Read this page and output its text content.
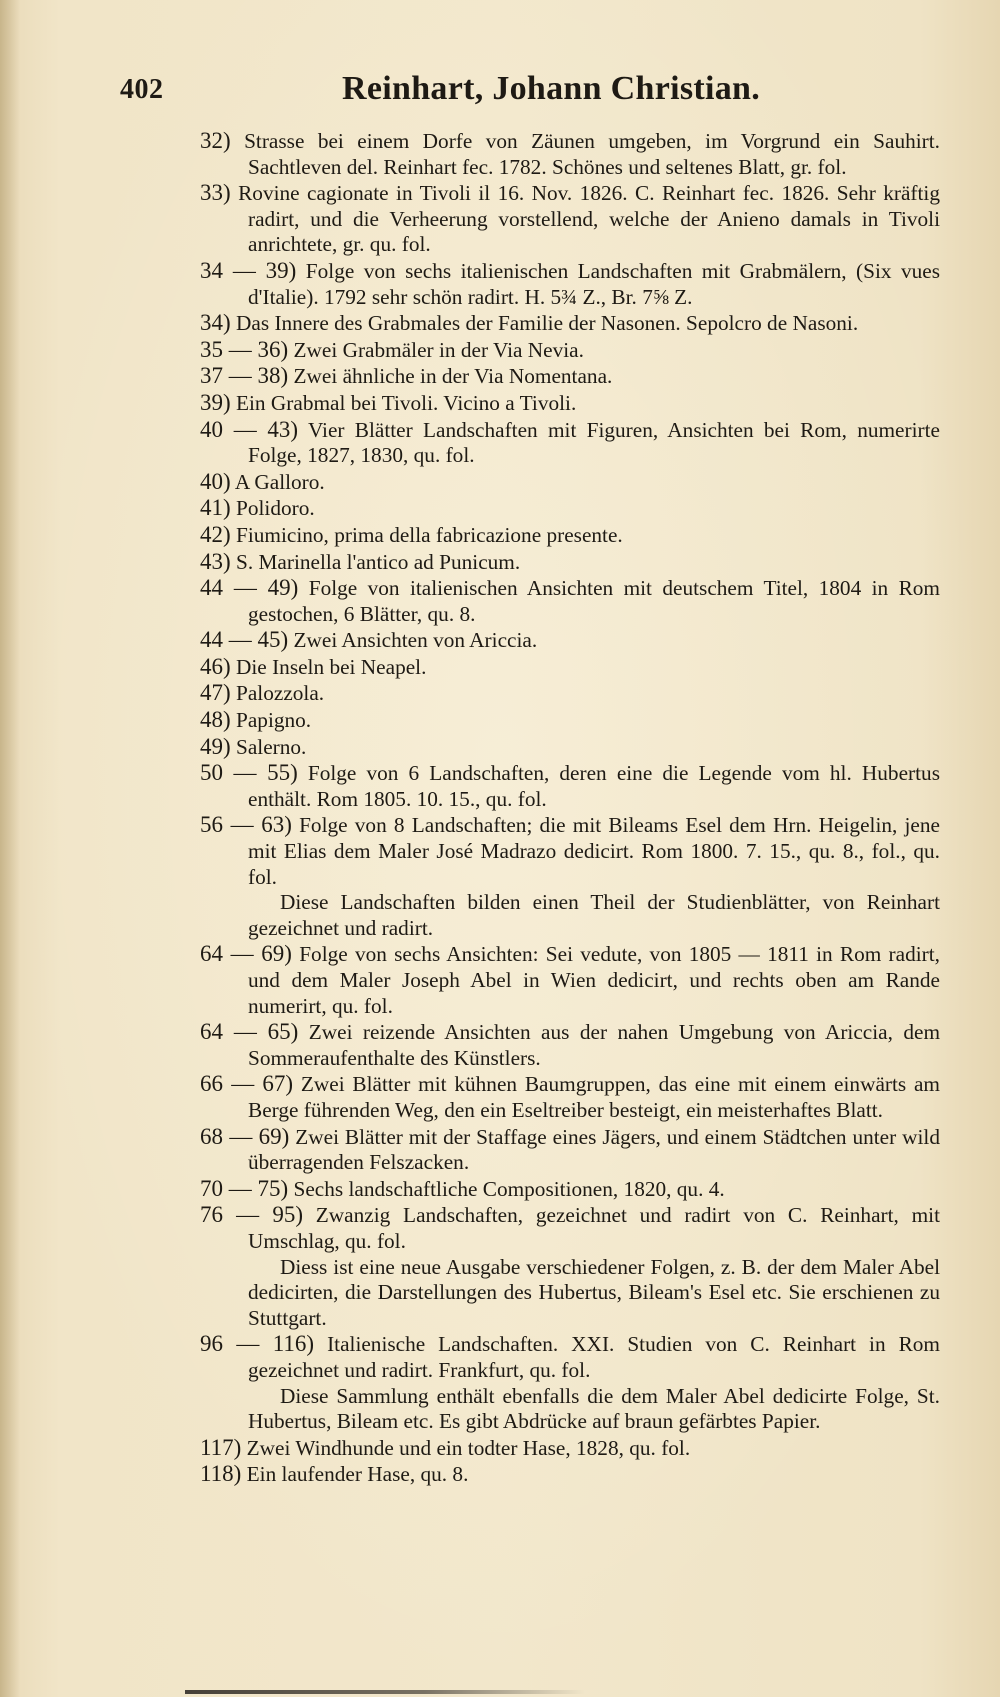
402	Reinhart, Johann Christian.
32) Strasse bei einem Dorfe von Zäunen umgeben, im Vorgrund ein Sauhirt. Sachtleven del. Reinhart fec. 1782. Schönes und seltenes Blatt, gr. fol.
33) Rovine cagionate in Tivoli il 16. Nov. 1826. C. Reinhart fec. 1826. Sehr kräftig radirt, und die Verheerung vorstellend, welche der Anieno damals in Tivoli anrichtete, gr. qu. fol.
34 — 39) Folge von sechs italienischen Landschaften mit Grabmälern, (Six vues d'Italie). 1792 sehr schön radirt. H. 5¾ Z., Br. 7⅝ Z.
34) Das Innere des Grabmales der Familie der Nasonen. Sepolcro de Nasoni.
35 — 36) Zwei Grabmäler in der Via Nevia.
37 — 38) Zwei ähnliche in der Via Nomentana.
39) Ein Grabmal bei Tivoli. Vicino a Tivoli.
40 — 43) Vier Blätter Landschaften mit Figuren, Ansichten bei Rom, numerirte Folge, 1827, 1830, qu. fol.
40) A Galloro.
41) Polidoro.
42) Fiumicino, prima della fabricazione presente.
43) S. Marinella l'antico ad Punicum.
44 — 49) Folge von italienischen Ansichten mit deutschem Titel, 1804 in Rom gestochen, 6 Blätter, qu. 8.
44 — 45) Zwei Ansichten von Ariccia.
46) Die Inseln bei Neapel.
47) Palozzola.
48) Papigno.
49) Salerno.
50 — 55) Folge von 6 Landschaften, deren eine die Legende vom hl. Hubertus enthält. Rom 1805. 10. 15., qu. fol.
56 — 63) Folge von 8 Landschaften; die mit Bileams Esel dem Hrn. Heigelin, jene mit Elias dem Maler José Madrazo dedicirt. Rom 1800. 7. 15., qu. 8., fol., qu. fol.
Diese Landschaften bilden einen Theil der Studienblätter, von Reinhart gezeichnet und radirt.
64 — 69) Folge von sechs Ansichten: Sei vedute, von 1805 — 1811 in Rom radirt, und dem Maler Joseph Abel in Wien dedicirt, und rechts oben am Rande numerirt, qu. fol.
64 — 65) Zwei reizende Ansichten aus der nahen Umgebung von Ariccia, dem Sommeraufenthalte des Künstlers.
66 — 67) Zwei Blätter mit kühnen Baumgruppen, das eine mit einem einwärts am Berge führenden Weg, den ein Eseltreiber besteigt, ein meisterhaftes Blatt.
68 — 69) Zwei Blätter mit der Staffage eines Jägers, und einem Städtchen unter wild überragenden Felszacken.
70 — 75) Sechs landschaftliche Compositionen, 1820, qu. 4.
76 — 95) Zwanzig Landschaften, gezeichnet und radirt von C. Reinhart, mit Umschlag, qu. fol.
Diess ist eine neue Ausgabe verschiedener Folgen, z. B. der dem Maler Abel dedicirten, die Darstellungen des Hubertus, Bileam's Esel etc. Sie erschienen zu Stuttgart.
96 — 116) Italienische Landschaften. XXI. Studien von C. Reinhart in Rom gezeichnet und radirt. Frankfurt, qu. fol.
Diese Sammlung enthält ebenfalls die dem Maler Abel dedicirte Folge, St. Hubertus, Bileam etc. Es gibt Abdrücke auf braun gefärbtes Papier.
117) Zwei Windhunde und ein todter Hase, 1828, qu. fol.
118) Ein laufender Hase, qu. 8.
